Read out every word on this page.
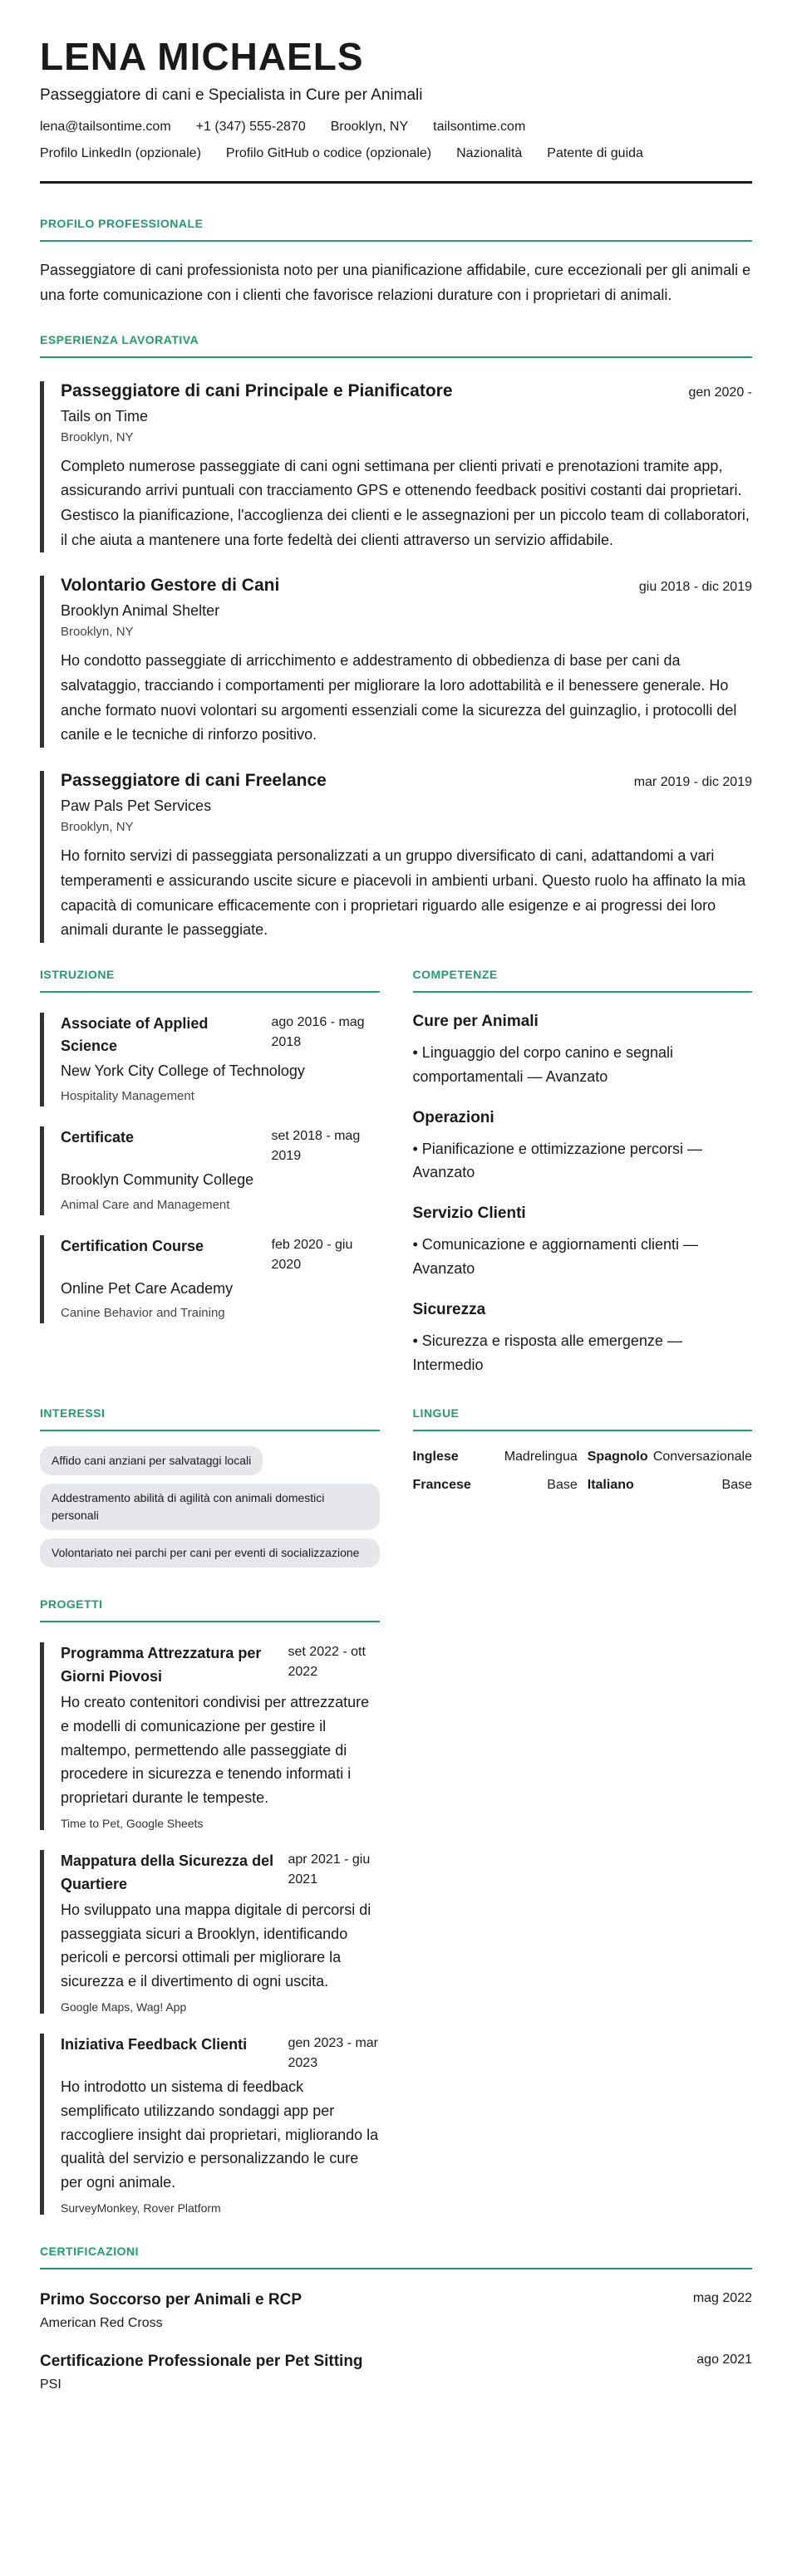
LENA MICHAELS
Passeggiatore di cani e Specialista in Cure per Animali
lena@tailsontime.com +1 (347) 555-2870 Brooklyn, NY tailsontime.com
Profilo LinkedIn (opzionale) Profilo GitHub o codice (opzionale) Nazionalità Patente di guida
PROFILO PROFESSIONALE
Passeggiatore di cani professionista noto per una pianificazione affidabile, cure eccezionali per gli animali e una forte comunicazione con i clienti che favorisce relazioni durature con i proprietari di animali.
ESPERIENZA LAVORATIVA
Passeggiatore di cani Principale e Pianificatore	gen 2020 -
Tails on Time
Brooklyn, NY
Completo numerose passeggiate di cani ogni settimana per clienti privati e prenotazioni tramite app, assicurando arrivi puntuali con tracciamento GPS e ottenendo feedback positivi costanti dai proprietari. Gestisco la pianificazione, l'accoglienza dei clienti e le assegnazioni per un piccolo team di collaboratori, il che aiuta a mantenere una forte fedeltà dei clienti attraverso un servizio affidabile.
Volontario Gestore di Cani	giu 2018 - dic 2019
Brooklyn Animal Shelter
Brooklyn, NY
Ho condotto passeggiate di arricchimento e addestramento di obbedienza di base per cani da salvataggio, tracciando i comportamenti per migliorare la loro adottabilità e il benessere generale. Ho anche formato nuovi volontari su argomenti essenziali come la sicurezza del guinzaglio, i protocolli del canile e le tecniche di rinforzo positivo.
Passeggiatore di cani Freelance	mar 2019 - dic 2019
Paw Pals Pet Services
Brooklyn, NY
Ho fornito servizi di passeggiata personalizzati a un gruppo diversificato di cani, adattandomi a vari temperamenti e assicurando uscite sicure e piacevoli in ambienti urbani. Questo ruolo ha affinato la mia capacità di comunicare efficacemente con i proprietari riguardo alle esigenze e ai progressi dei loro animali durante le passeggiate.
ISTRUZIONE
Associate of Applied Science
ago 2016 - mag 2018
New York City College of Technology
Hospitality Management
Certificate	set 2018 - mag 2019
Brooklyn Community College
Animal Care and Management
Certification Course	feb 2020 - giu 2020
Online Pet Care Academy
Canine Behavior and Training
COMPETENZE
Cure per Animali
• Linguaggio del corpo canino e segnali comportamentali — Avanzato
Operazioni
• Pianificazione e ottimizzazione percorsi — Avanzato
Servizio Clienti
• Comunicazione e aggiornamenti clienti — Avanzato
Sicurezza
• Sicurezza e risposta alle emergenze — Intermedio
INTERESSI
Affido cani anziani per salvataggi locali
Addestramento abilità di agilità con animali domestici personali
Volontariato nei parchi per cani per eventi di socializzazione
LINGUE
Inglese	Madrelingua Spagnolo Conversazionale
Francese	Base Italiano	Base
PROGETTI
Programma Attrezzatura per Giorni Piovosi
set 2022 - ott 2022
Ho creato contenitori condivisi per attrezzature e modelli di comunicazione per gestire il maltempo, permettendo alle passeggiate di procedere in sicurezza e tenendo informati i proprietari durante le tempeste.
Time to Pet, Google Sheets
Mappatura della Sicurezza del Quartiere
apr 2021 - giu 2021
Ho sviluppato una mappa digitale di percorsi di passeggiata sicuri a Brooklyn, identificando pericoli e percorsi ottimali per migliorare la sicurezza e il divertimento di ogni uscita.
Google Maps, Wag! App
Iniziativa Feedback Clienti	gen 2023 - mar 2023
Ho introdotto un sistema di feedback semplificato utilizzando sondaggi app per raccogliere insight dai proprietari, migliorando la qualità del servizio e personalizzando le cure per ogni animale.
SurveyMonkey, Rover Platform
CERTIFICAZIONI
Primo Soccorso per Animali e RCP	mag 2022
American Red Cross
Certificazione Professionale per Pet Sitting	ago 2021
PSI
